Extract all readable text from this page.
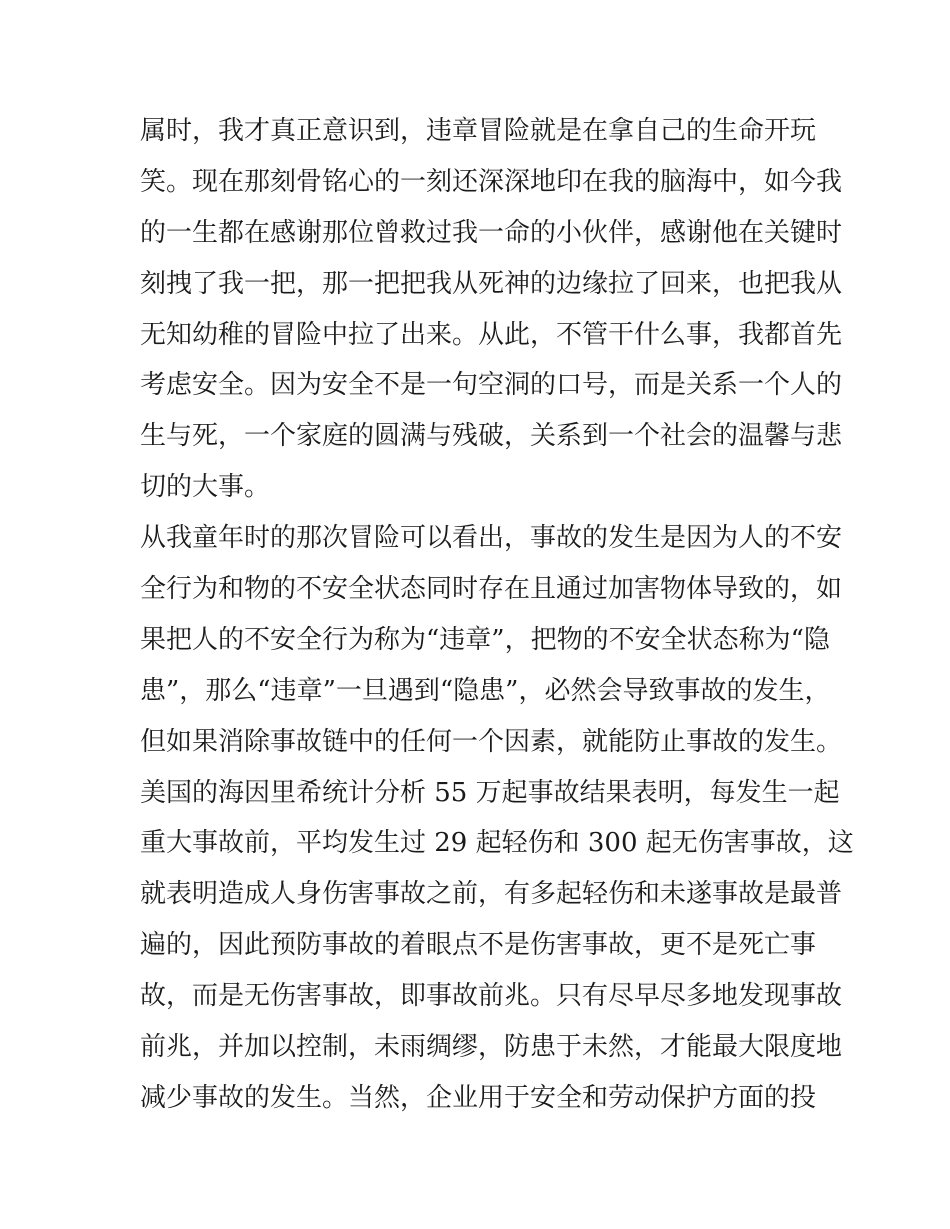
属时，我才真正意识到，违章冒险就是在拿自己的生命开玩
笑。现在那刻骨铭心的一刻还深深地印在我的脑海中，如今我
的一生都在感谢那位曾救过我一命的小伙伴，感谢他在关键时
刻拽了我一把，那一把把我从死神的边缘拉了回来，也把我从
无知幼稚的冒险中拉了出来。从此，不管干什么事，我都首先
考虑安全。因为安全不是一句空洞的口号，而是关系一个人的
生与死，一个家庭的圆满与残破，关系到一个社会的温馨与悲
切的大事。
从我童年时的那次冒险可以看出，事故的发生是因为人的不安
全行为和物的不安全状态同时存在且通过加害物体导致的，如
果把人的不安全行为称为“违章”，把物的不安全状态称为“隐
患”，那么“违章”一旦遇到“隐患”，必然会导致事故的发生，
但如果消除事故链中的任何一个因素，就能防止事故的发生。
美国的海因里希统计分析 55 万起事故结果表明，每发生一起
重大事故前，平均发生过 29 起轻伤和 300 起无伤害事故，这
就表明造成人身伤害事故之前，有多起轻伤和未遂事故是最普
遍的，因此预防事故的着眼点不是伤害事故，更不是死亡事
故，而是无伤害事故，即事故前兆。只有尽早尽多地发现事故
前兆，并加以控制，未雨绸缪，防患于未然，才能最大限度地
减少事故的发生。当然，企业用于安全和劳动保护方面的投
